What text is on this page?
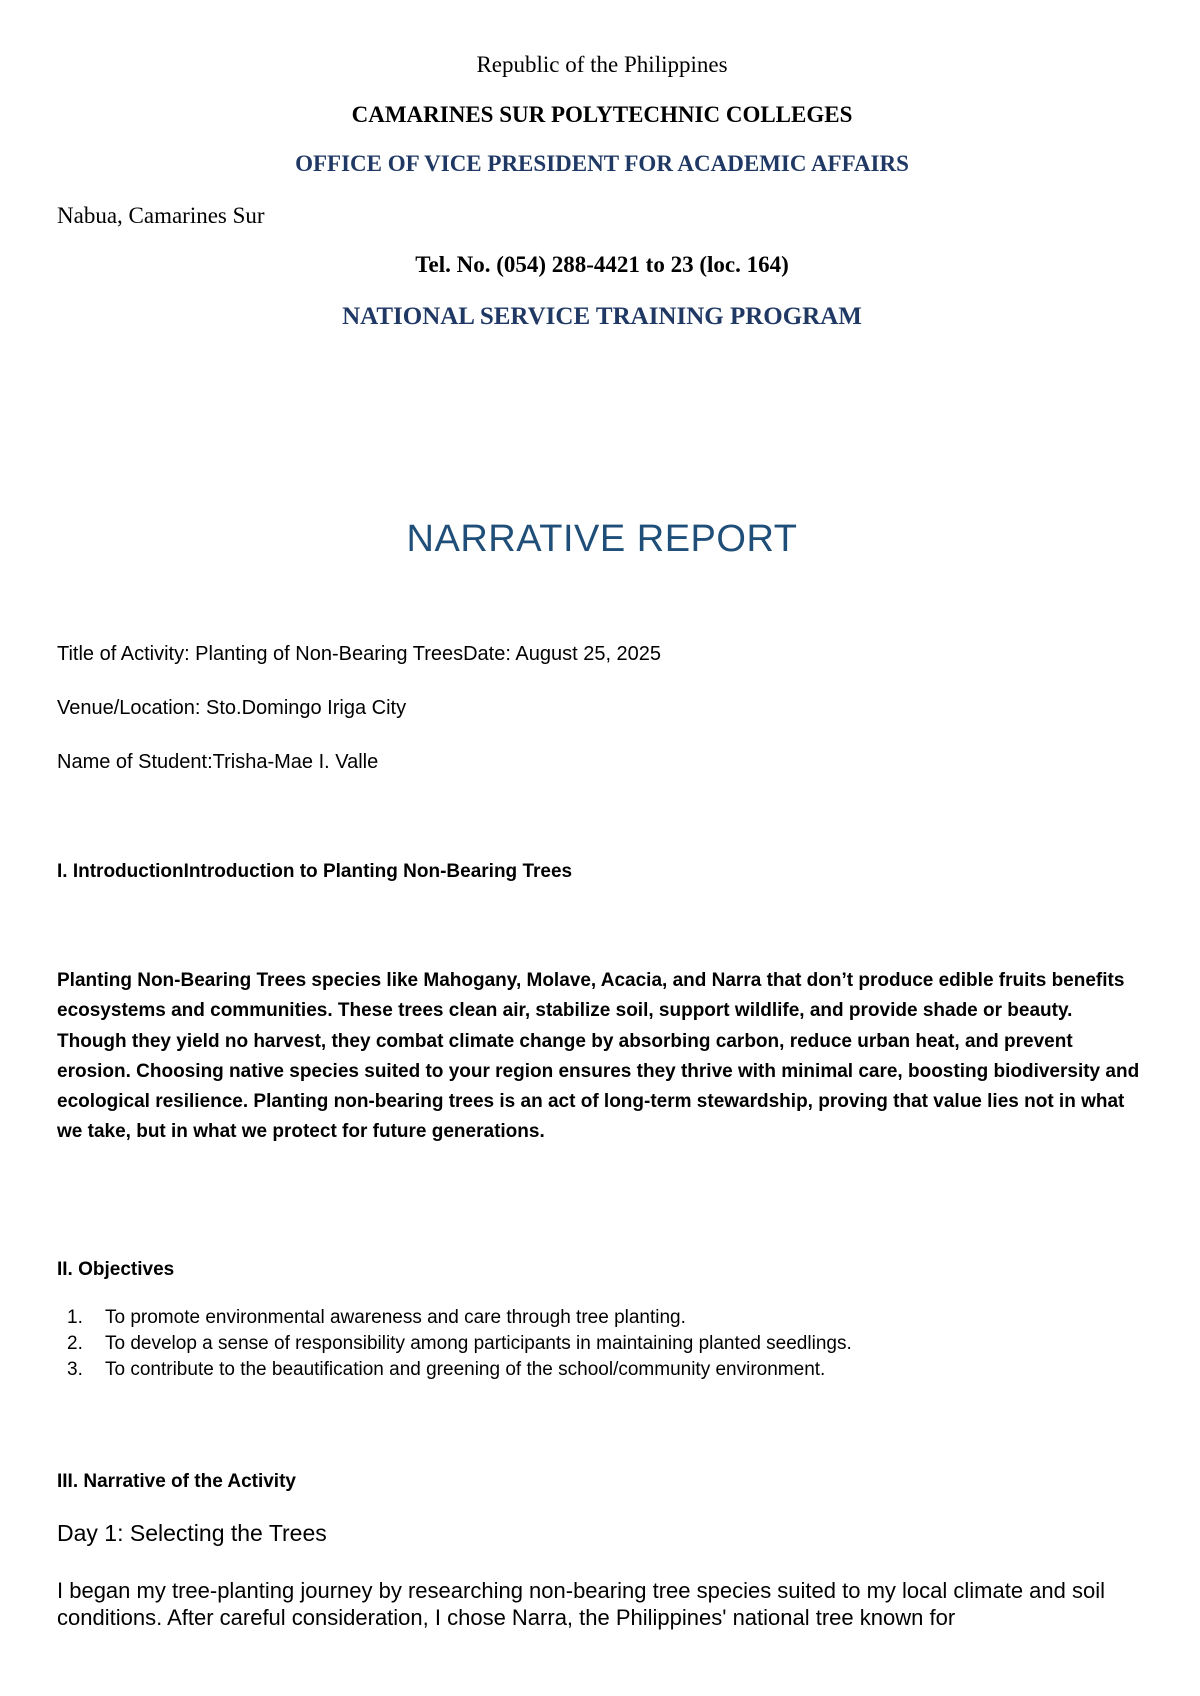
Republic of the Philippines

CAMARINES SUR POLYTECHNIC COLLEGES

OFFICE OF VICE PRESIDENT FOR ACADEMIC AFFAIRS

Nabua, Camarines Sur

Tel. No. (054) 288-4421 to 23 (loc. 164)

NATIONAL SERVICE TRAINING PROGRAM

NARRATIVE REPORT

Title of Activity: Planting of Non-Bearing TreesDate: August 25, 2025

Venue/Location: Sto.Domingo Iriga City

Name of Student:Trisha-Mae I. Valle

I. IntroductionIntroduction to Planting Non-Bearing Trees

Planting Non-Bearing Trees species like Mahogany, Molave, Acacia, and Narra that don’t produce edible fruits benefits ecosystems and communities. These trees clean air, stabilize soil, support wildlife, and provide shade or beauty. Though they yield no harvest, they combat climate change by absorbing carbon, reduce urban heat, and prevent erosion. Choosing native species suited to your region ensures they thrive with minimal care, boosting biodiversity and ecological resilience. Planting non-bearing trees is an act of long-term stewardship, proving that value lies not in what we take, but in what we protect for future generations.

II. Objectives
1. To promote environmental awareness and care through tree planting.
2. To develop a sense of responsibility among participants in maintaining planted seedlings.
3. To contribute to the beautification and greening of the school/community environment.
III. Narrative of the Activity
Day 1: Selecting the Trees

I began my tree-planting journey by researching non-bearing tree species suited to my local climate and soil conditions. After careful consideration, I chose Narra, the Philippines' national tree known for
